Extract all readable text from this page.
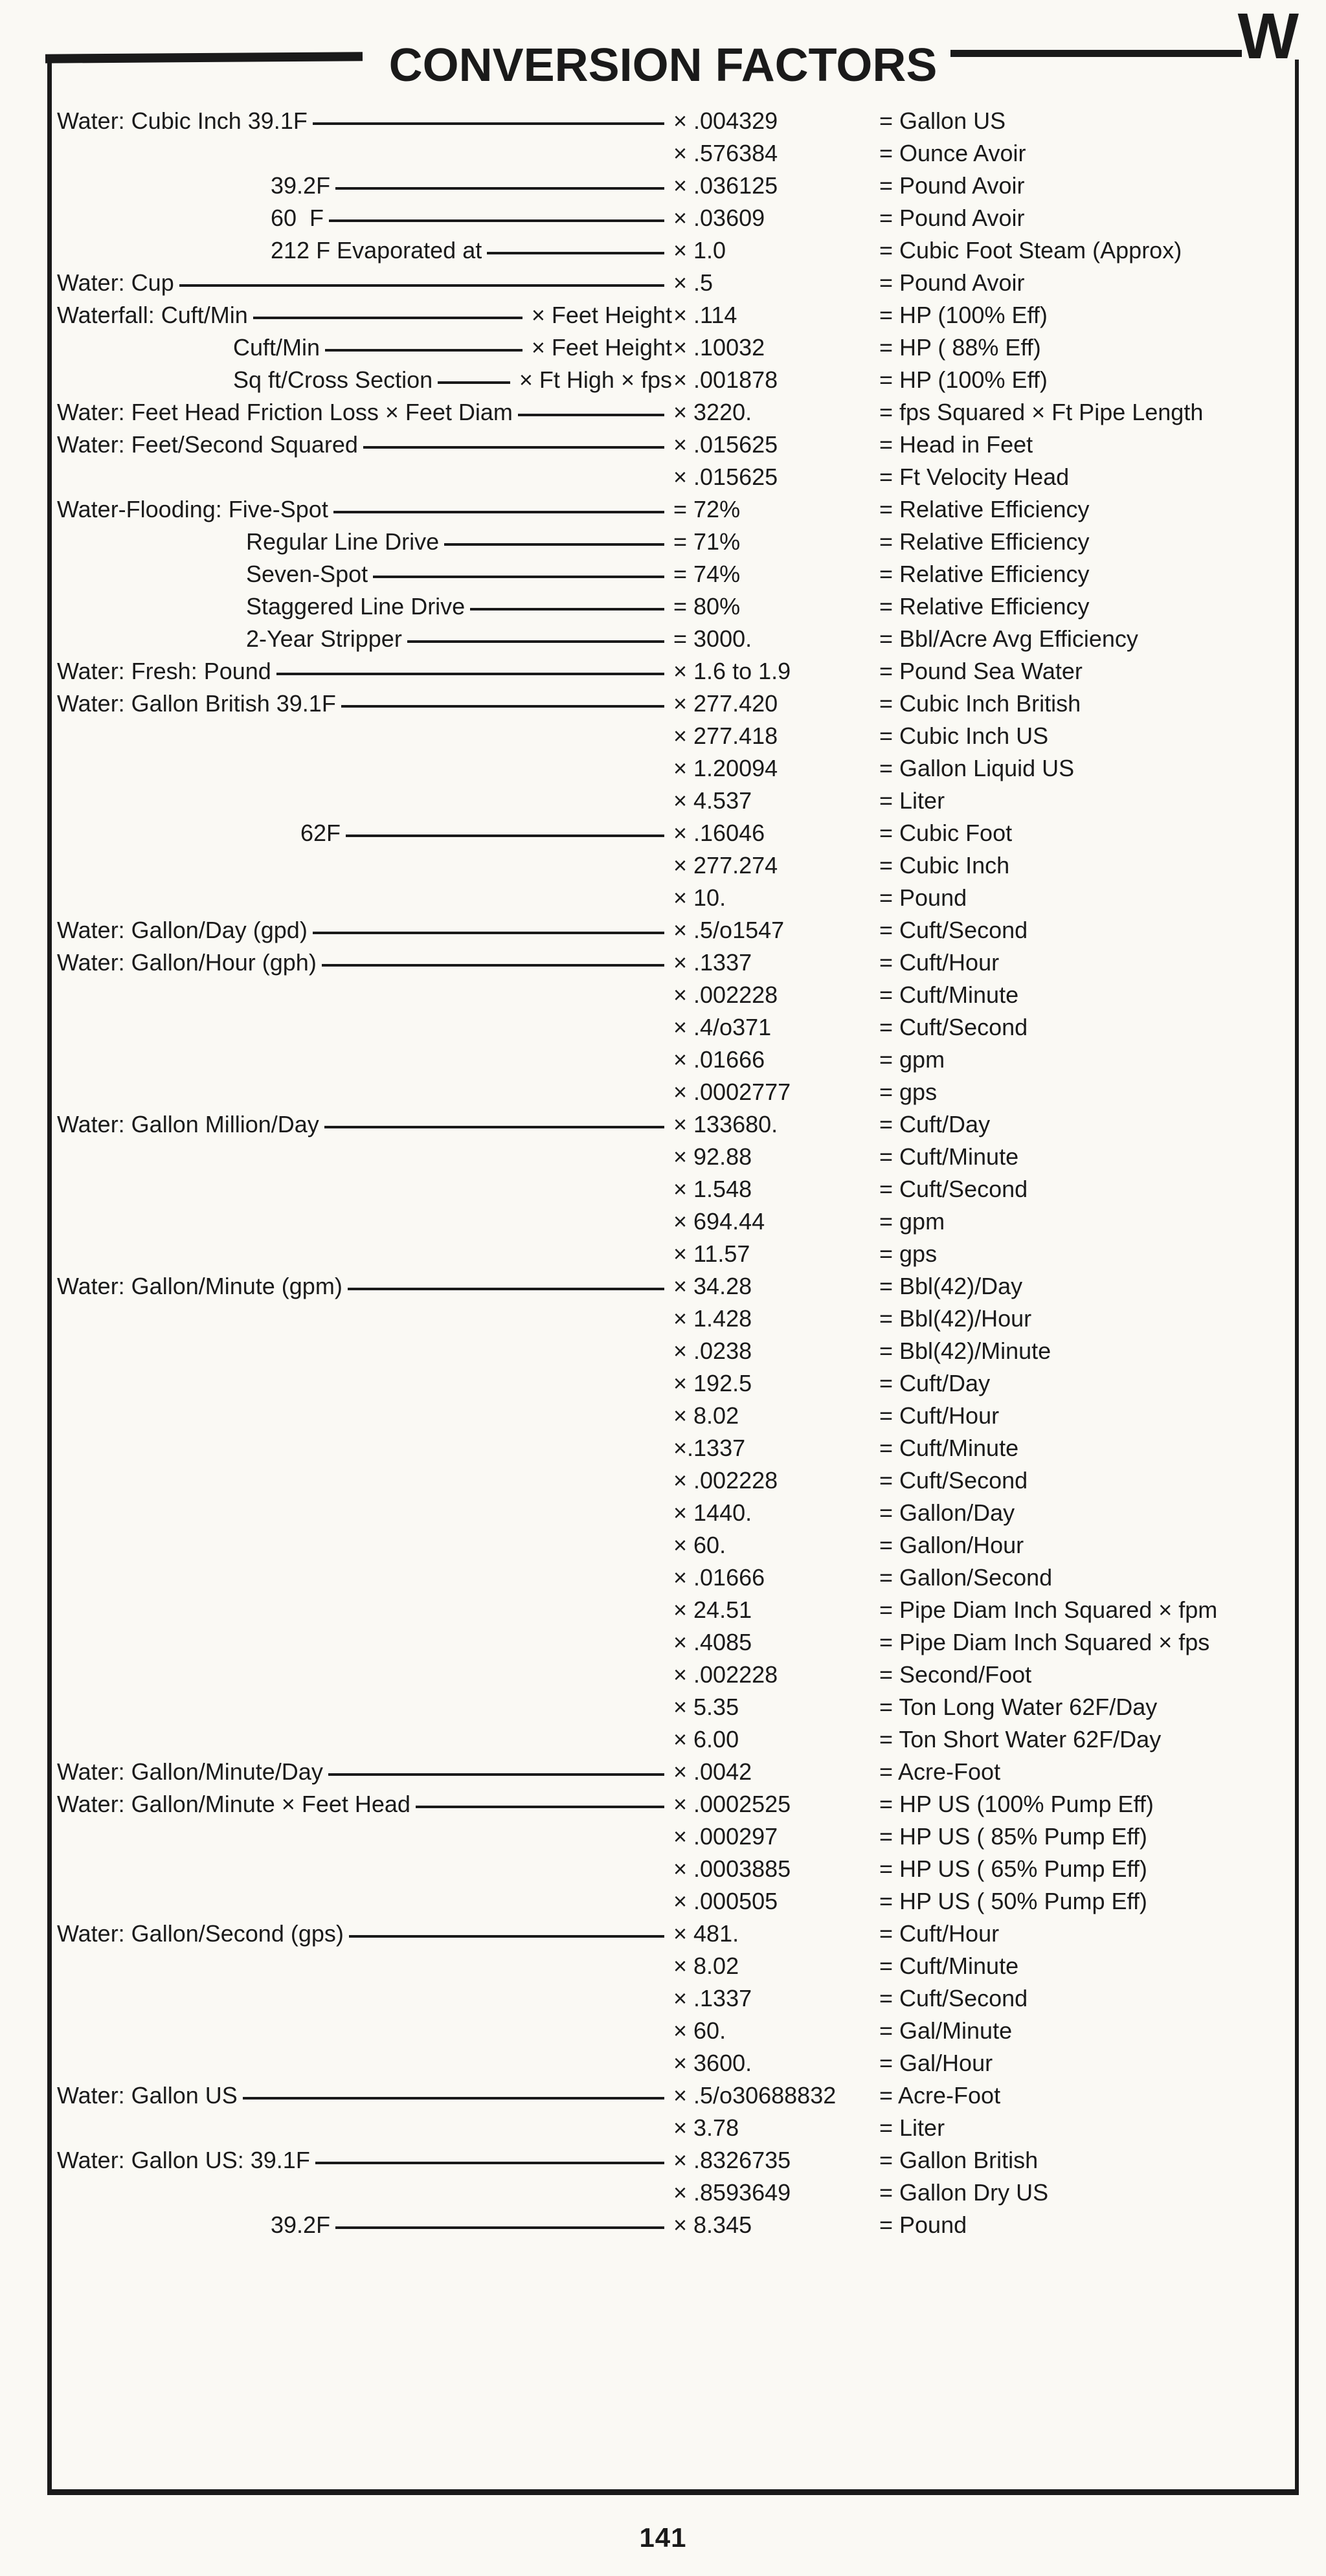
CONVERSION FACTORS	W
Water: Cubic Inch 39.1F	× .004329	= Gallon US
× .576384	= Ounce Avoir
39.2F	× .036125	= Pound Avoir
60  F	× .03609	= Pound Avoir
212 F Evaporated at	× 1.0	= Cubic Foot Steam (Approx)
Water: Cup	× .5	= Pound Avoir
Waterfall: Cuft/Min	× Feet Height × .114	= HP (100% Eff)
Cuft/Min	× Feet Height × .10032	= HP ( 88% Eff)
Sq ft/Cross Section	× Ft High × fps × .001878	= HP (100% Eff)
Water: Feet Head Friction Loss × Feet Diam	× 3220.	= fps Squared × Ft Pipe Length
Water: Feet/Second Squared	× .015625	= Head in Feet
× .015625	= Ft Velocity Head
Water-Flooding: Five-Spot	= 72%	= Relative Efficiency
Regular Line Drive	= 71%	= Relative Efficiency
Seven-Spot	= 74%	= Relative Efficiency
Staggered Line Drive	= 80%	= Relative Efficiency
2-Year Stripper	= 3000.	= Bbl/Acre Avg Efficiency
Water: Fresh: Pound	× 1.6 to 1.9	= Pound Sea Water
Water: Gallon British 39.1F	× 277.420	= Cubic Inch British
× 277.418	= Cubic Inch US
× 1.20094	= Gallon Liquid US
× 4.537	= Liter
62F	× .16046	= Cubic Foot
× 277.274	= Cubic Inch
× 10.	= Pound
Water: Gallon/Day (gpd)	× .5/o1547	= Cuft/Second
Water: Gallon/Hour (gph)	× .1337	= Cuft/Hour
× .002228	= Cuft/Minute
× .4/o371	= Cuft/Second
× .01666	= gpm
× .0002777	= gps
Water: Gallon Million/Day	× 133680.	= Cuft/Day
× 92.88	= Cuft/Minute
× 1.548	= Cuft/Second
× 694.44	= gpm
× 11.57	= gps
Water: Gallon/Minute (gpm)	× 34.28	= Bbl(42)/Day
× 1.428	= Bbl(42)/Hour
× .0238	= Bbl(42)/Minute
× 192.5	= Cuft/Day
× 8.02	= Cuft/Hour
×.1337	= Cuft/Minute
× .002228	= Cuft/Second
× 1440.	= Gallon/Day
× 60.	= Gallon/Hour
× .01666	= Gallon/Second
× 24.51	= Pipe Diam Inch Squared × fpm
× .4085	= Pipe Diam Inch Squared × fps
× .002228	= Second/Foot
× 5.35	= Ton Long Water 62F/Day
× 6.00	= Ton Short Water 62F/Day
Water: Gallon/Minute/Day	× .0042	= Acre-Foot
Water: Gallon/Minute × Feet Head	× .0002525	= HP US (100% Pump Eff)
× .000297	= HP US ( 85% Pump Eff)
× .0003885	= HP US ( 65% Pump Eff)
× .000505	= HP US ( 50% Pump Eff)
Water: Gallon/Second (gps)	× 481.	= Cuft/Hour
× 8.02	= Cuft/Minute
× .1337	= Cuft/Second
× 60.	= Gal/Minute
× 3600.	= Gal/Hour
Water: Gallon US	× .5/o30688832	= Acre-Foot
× 3.78	= Liter
Water: Gallon US: 39.1F	× .8326735	= Gallon British
× .8593649	= Gallon Dry US
39.2F	× 8.345	= Pound
141
